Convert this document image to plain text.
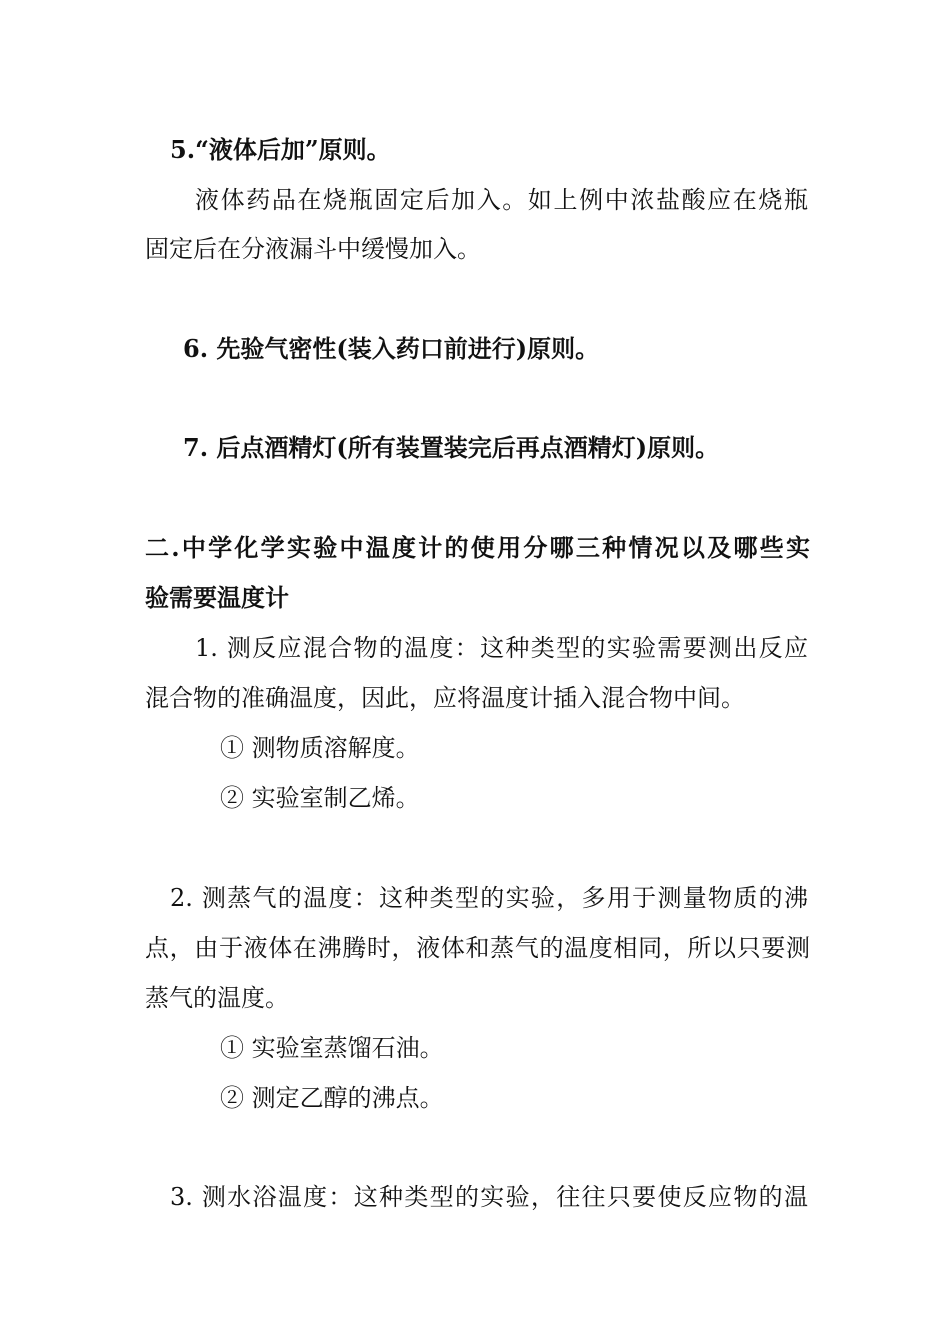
5.“液体后加”原则。
液体药品在烧瓶固定后加入。如上例中浓盐酸应在烧瓶
固定后在分液漏斗中缓慢加入。
6. 先验气密性(装入药口前进行)原则。
7. 后点酒精灯(所有装置装完后再点酒精灯)原则。
二.中学化学实验中温度计的使用分哪三种情况以及哪些实
验需要温度计
1. 测反应混合物的温度：这种类型的实验需要测出反应
混合物的准确温度，因此，应将温度计插入混合物中间。
① 测物质溶解度。
② 实验室制乙烯。
2. 测蒸气的温度：这种类型的实验，多用于测量物质的沸
点，由于液体在沸腾时，液体和蒸气的温度相同，所以只要测
蒸气的温度。
① 实验室蒸馏石油。
② 测定乙醇的沸点。
3. 测水浴温度：这种类型的实验，往往只要使反应物的温
